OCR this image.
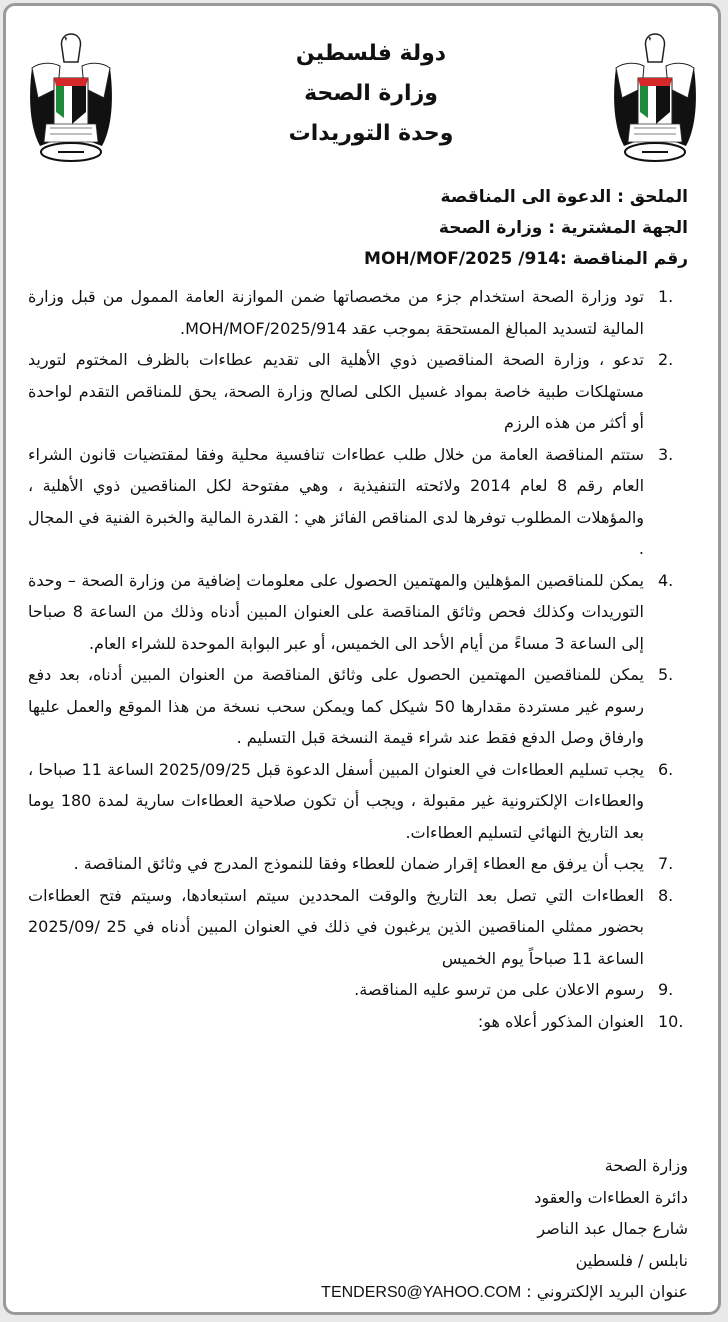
دولة فلسطين
وزارة الصحة
وحدة التوريدات
الملحق : الدعوة الى المناقصة
الجهة المشترية : وزارة الصحة
رقم المناقصة :914/ MOH/MOF/2025
1.
تود وزارة الصحة استخدام جزء من مخصصاتها ضمن الموازنة العامة الممول من قبل وزارة المالية لتسديد المبالغ المستحقة بموجب عقد MOH/MOF/2025/914.
2.
تدعو ، وزارة الصحة المناقصين ذوي الأهلية الى تقديم عطاءات بالظرف المختوم لتوريد مستهلكات طبية خاصة بمواد غسيل الكلى لصالح وزارة الصحة، يحق للمناقص التقدم لواحدة أو أكثر من هذه الرزم
3.
ستتم المناقصة العامة من خلال طلب عطاءات تنافسية محلية وفقا لمقتضيات قانون الشراء العام رقم 8 لعام 2014 ولائحته التنفيذية ، وهي مفتوحة لكل المناقصين ذوي الأهلية ، والمؤهلات المطلوب توفرها لدى المناقص الفائز هي : القدرة المالية والخبرة الفنية في المجال .
4.
يمكن للمناقصين المؤهلين والمهتمين الحصول على معلومات إضافية من وزارة الصحة – وحدة التوريدات وكذلك فحص وثائق المناقصة على العنوان المبين أدناه وذلك من الساعة 8 صباحا إلى الساعة 3 مساءً من أيام الأحد الى الخميس، أو عبر البوابة الموحدة للشراء العام.
5.
يمكن للمناقصين المهتمين الحصول على وثائق المناقصة من العنوان المبين أدناه، بعد دفع رسوم غير مستردة مقدارها 50 شيكل كما ويمكن سحب نسخة من هذا الموقع والعمل عليها وارفاق وصل الدفع فقط عند شراء قيمة النسخة قبل التسليم .
6.
يجب تسليم العطاءات في العنوان المبين أسفل الدعوة قبل 2025/09/25 الساعة 11 صباحا ، والعطاءات الإلكترونية غير مقبولة ، ويجب أن تكون صلاحية العطاءات سارية لمدة 180 يوما بعد التاريخ النهائي لتسليم العطاءات.
7.
يجب أن يرفق مع العطاء إقرار ضمان للعطاء وفقا للنموذج المدرج في وثائق المناقصة .
8.
العطاءات التي تصل بعد التاريخ والوقت المحددين سيتم استبعادها، وسيتم فتح العطاءات بحضور ممثلي المناقصين الذين يرغبون في ذلك في العنوان المبين أدناه في 25 /2025/09 الساعة 11 صباحاً يوم الخميس
9.
رسوم الاعلان على من ترسو عليه المناقصة.
10.
العنوان المذكور أعلاه هو:
وزارة الصحة
دائرة العطاءات والعقود
شارع جمال عبد الناصر
نابلس / فلسطين
عنوان البريد الإلكتروني : TENDERS0@YAHOO.COM
